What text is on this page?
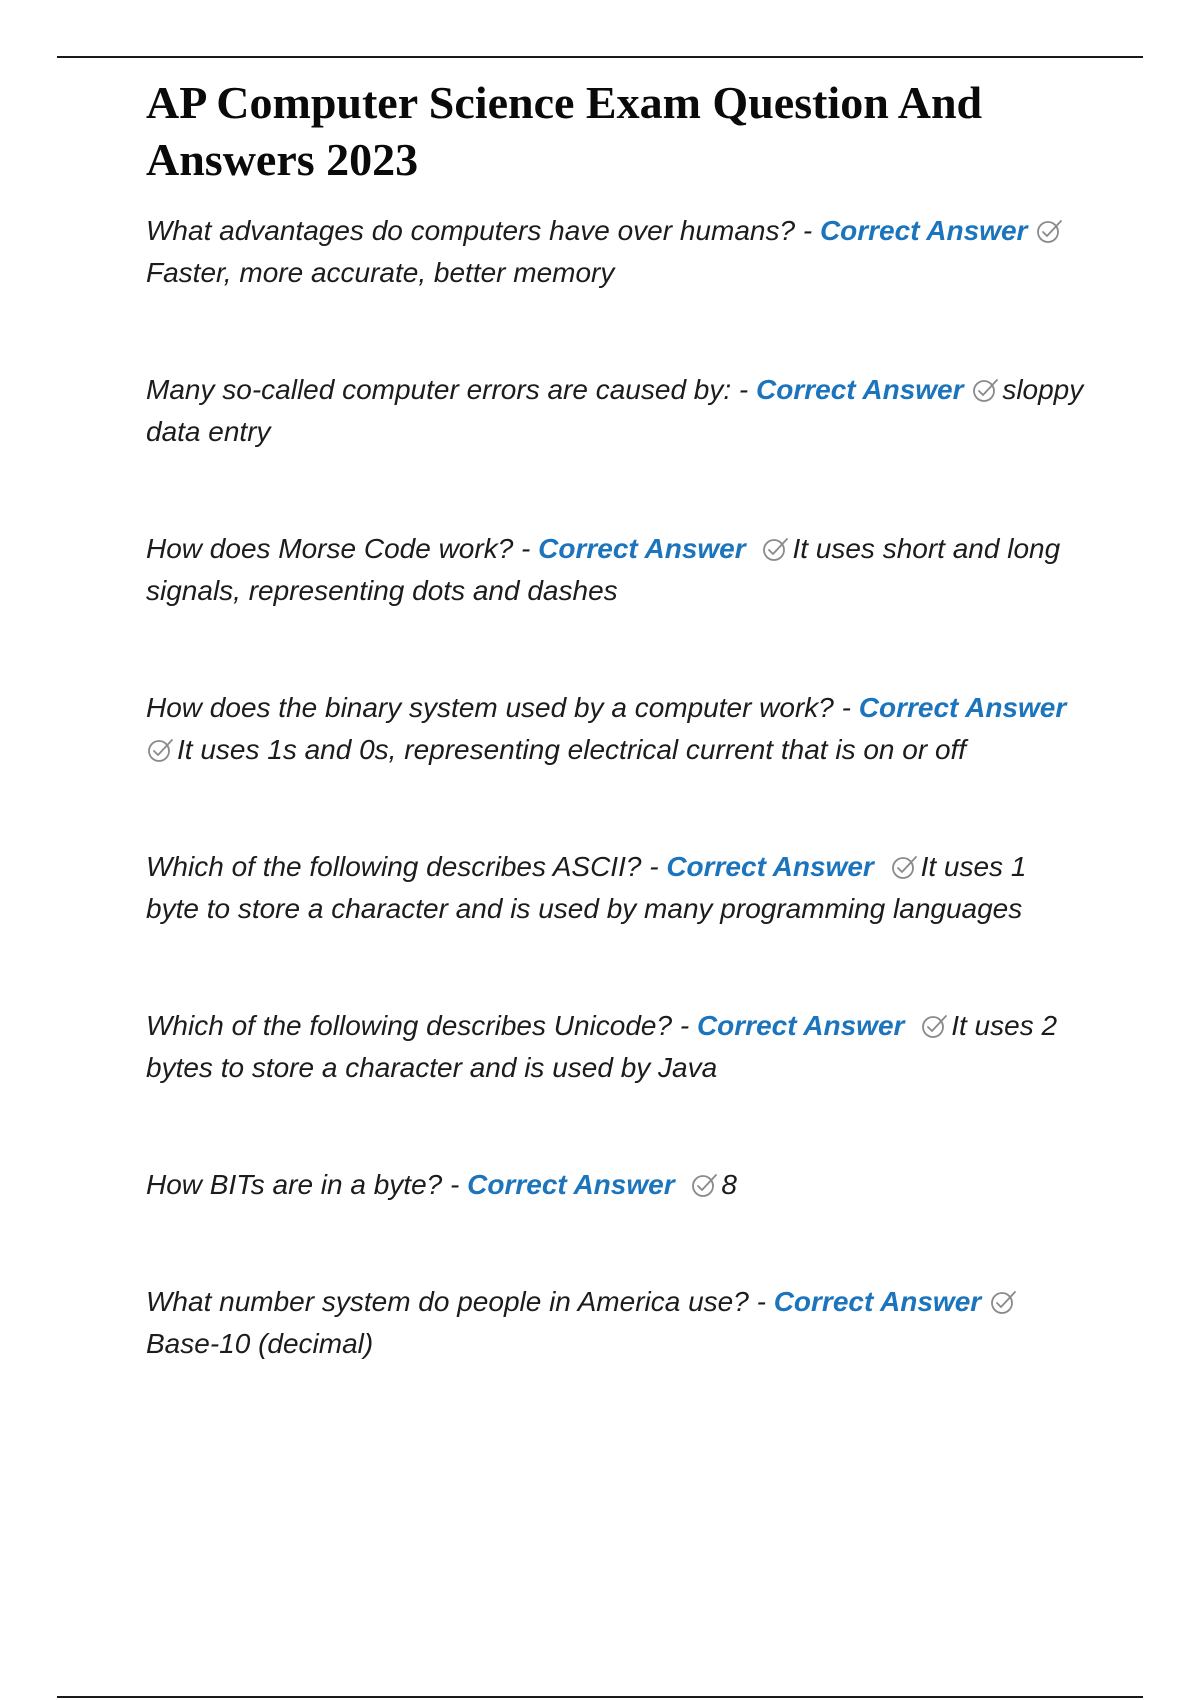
AP Computer Science Exam Question And Answers 2023

What advantages do computers have over humans? - Correct Answer
Faster, more accurate, better memory

Many so-called computer errors are caused by: - Correct Answer sloppy data entry

How does Morse Code work? - Correct Answer It uses short and long signals, representing dots and dashes

How does the binary system used by a computer work? - Correct Answer
It uses 1s and 0s, representing electrical current that is on or off

Which of the following describes ASCII? - Correct Answer It uses 1 byte to store a character and is used by many programming languages

Which of the following describes Unicode? - Correct Answer It uses 2 bytes to store a character and is used by Java

How BITs are in a byte? - Correct Answer 8

What number system do people in America use? - Correct Answer
Base-10 (decimal)
